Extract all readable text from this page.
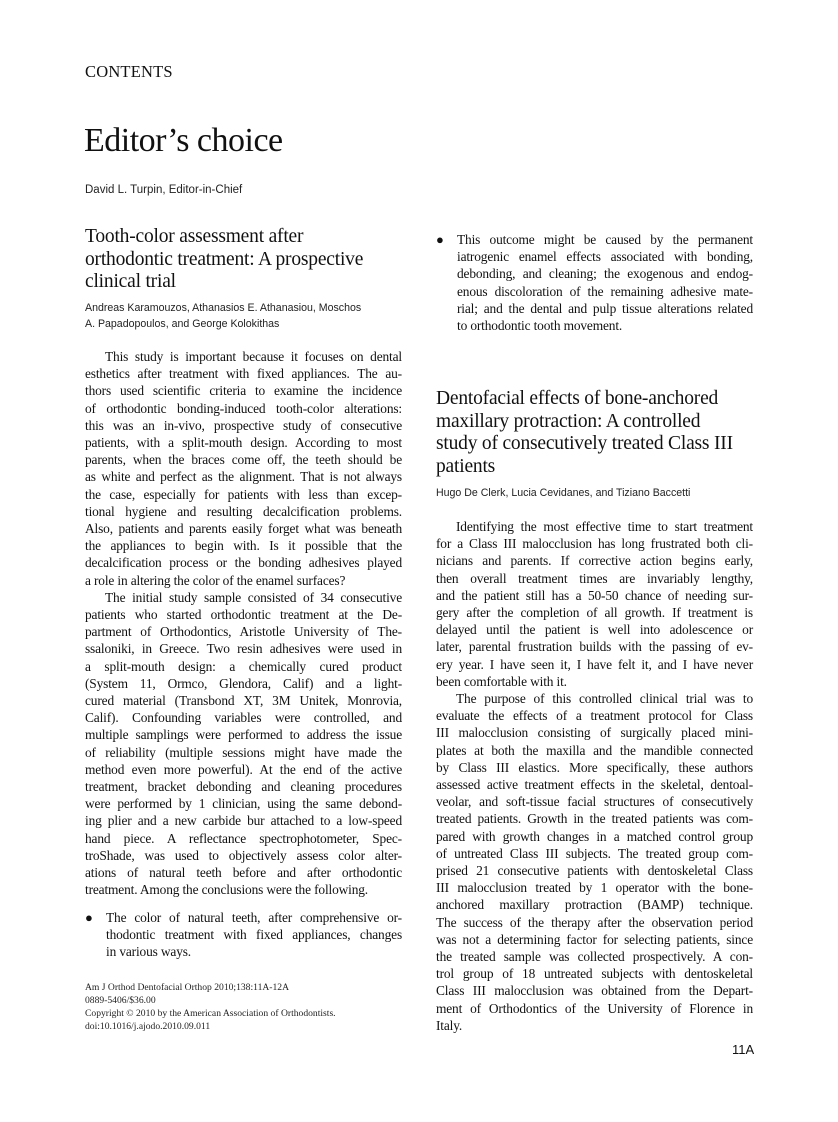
CONTENTS
Editor’s choice
David L. Turpin, Editor-in-Chief
Tooth-color assessment after
orthodontic treatment: A prospective
clinical trial
Andreas Karamouzos, Athanasios E. Athanasiou, Moschos
A. Papadopoulos, and George Kolokithas
This study is important because it focuses on dental
esthetics after treatment with fixed appliances. The au-
thors used scientific criteria to examine the incidence
of orthodontic bonding-induced tooth-color alterations:
this was an in-vivo, prospective study of consecutive
patients, with a split-mouth design. According to most
parents, when the braces come off, the teeth should be
as white and perfect as the alignment. That is not always
the case, especially for patients with less than excep-
tional hygiene and resulting decalcification problems.
Also, patients and parents easily forget what was beneath
the appliances to begin with. Is it possible that the
decalcification process or the bonding adhesives played
a role in altering the color of the enamel surfaces?
The initial study sample consisted of 34 consecutive
patients who started orthodontic treatment at the De-
partment of Orthodontics, Aristotle University of The-
ssaloniki, in Greece. Two resin adhesives were used in
a split-mouth design: a chemically cured product
(System 11, Ormco, Glendora, Calif) and a light-
cured material (Transbond XT, 3M Unitek, Monrovia,
Calif). Confounding variables were controlled, and
multiple samplings were performed to address the issue
of reliability (multiple sessions might have made the
method even more powerful). At the end of the active
treatment, bracket debonding and cleaning procedures
were performed by 1 clinician, using the same debond-
ing plier and a new carbide bur attached to a low-speed
hand piece. A reflectance spectrophotometer, Spec-
troShade, was used to objectively assess color alter-
ations of natural teeth before and after orthodontic
treatment. Among the conclusions were the following.
● The color of natural teeth, after comprehensive or-
thodontic treatment with fixed appliances, changes
in various ways.
● This outcome might be caused by the permanent
iatrogenic enamel effects associated with bonding,
debonding, and cleaning; the exogenous and endog-
enous discoloration of the remaining adhesive mate-
rial; and the dental and pulp tissue alterations related
to orthodontic tooth movement.
Dentofacial effects of bone-anchored
maxillary protraction: A controlled
study of consecutively treated Class III
patients
Hugo De Clerk, Lucia Cevidanes, and Tiziano Baccetti
Identifying the most effective time to start treatment
for a Class III malocclusion has long frustrated both cli-
nicians and parents. If corrective action begins early,
then overall treatment times are invariably lengthy,
and the patient still has a 50-50 chance of needing sur-
gery after the completion of all growth. If treatment is
delayed until the patient is well into adolescence or
later, parental frustration builds with the passing of ev-
ery year. I have seen it, I have felt it, and I have never
been comfortable with it.
The purpose of this controlled clinical trial was to
evaluate the effects of a treatment protocol for Class
III malocclusion consisting of surgically placed mini-
plates at both the maxilla and the mandible connected
by Class III elastics. More specifically, these authors
assessed active treatment effects in the skeletal, dentoal-
veolar, and soft-tissue facial structures of consecutively
treated patients. Growth in the treated patients was com-
pared with growth changes in a matched control group
of untreated Class III subjects. The treated group com-
prised 21 consecutive patients with dentoskeletal Class
III malocclusion treated by 1 operator with the bone-
anchored maxillary protraction (BAMP) technique.
The success of the therapy after the observation period
was not a determining factor for selecting patients, since
the treated sample was collected prospectively. A con-
trol group of 18 untreated subjects with dentoskeletal
Class III malocclusion was obtained from the Depart-
ment of Orthodontics of the University of Florence in
Italy.
Am J Orthod Dentofacial Orthop 2010;138:11A-12A
0889-5406/$36.00
Copyright © 2010 by the American Association of Orthodontists.
doi:10.1016/j.ajodo.2010.09.011
11A
